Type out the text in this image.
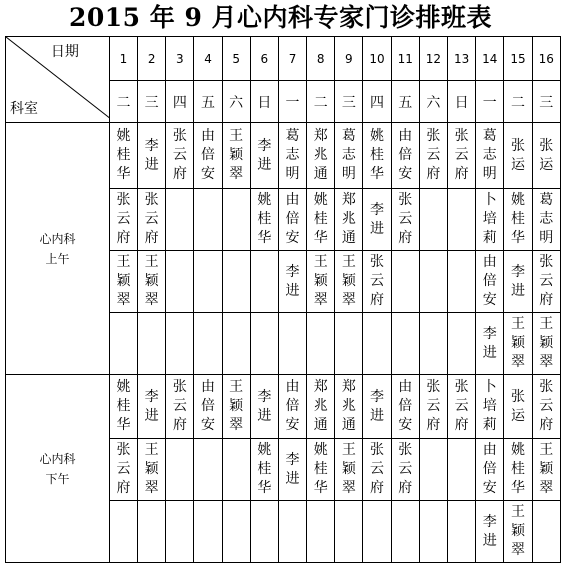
2015 年 9 月心内科专家门诊排班表
日期
科室	1	2	3	4	5	6	7	8	9	10	11	12	13	14	15	16
	二	三	四	五	六	日	一	二	三	四	五	六	日	一	二	三

心内科
上午	姚桂华	李进	张云府	由倍安	王颖翠	李进	葛志明	郑兆通	葛志明	姚桂华	由倍安	张云府	张云府	葛志明	张运	张运
	张云府	张云府				姚桂华	由倍安	姚桂华	郑兆通	李进	张云府			卜培莉	姚桂华	葛志明
	王颖翠	王颖翠					李进	王颖翠	王颖翠	张云府				由倍安	李进	张云府
														李进	王颖翠	王颖翠

心内科
下午	姚桂华	李进	张云府	由倍安	王颖翠	李进	由倍安	郑兆通	郑兆通	李进	由倍安	张云府	张云府	卜培莉	张运	张云府
	张云府	王颖翠				姚桂华	李进	姚桂华	王颖翠	张云府	张云府			由倍安	姚桂华	王颖翠
														李进	王颖翠	
